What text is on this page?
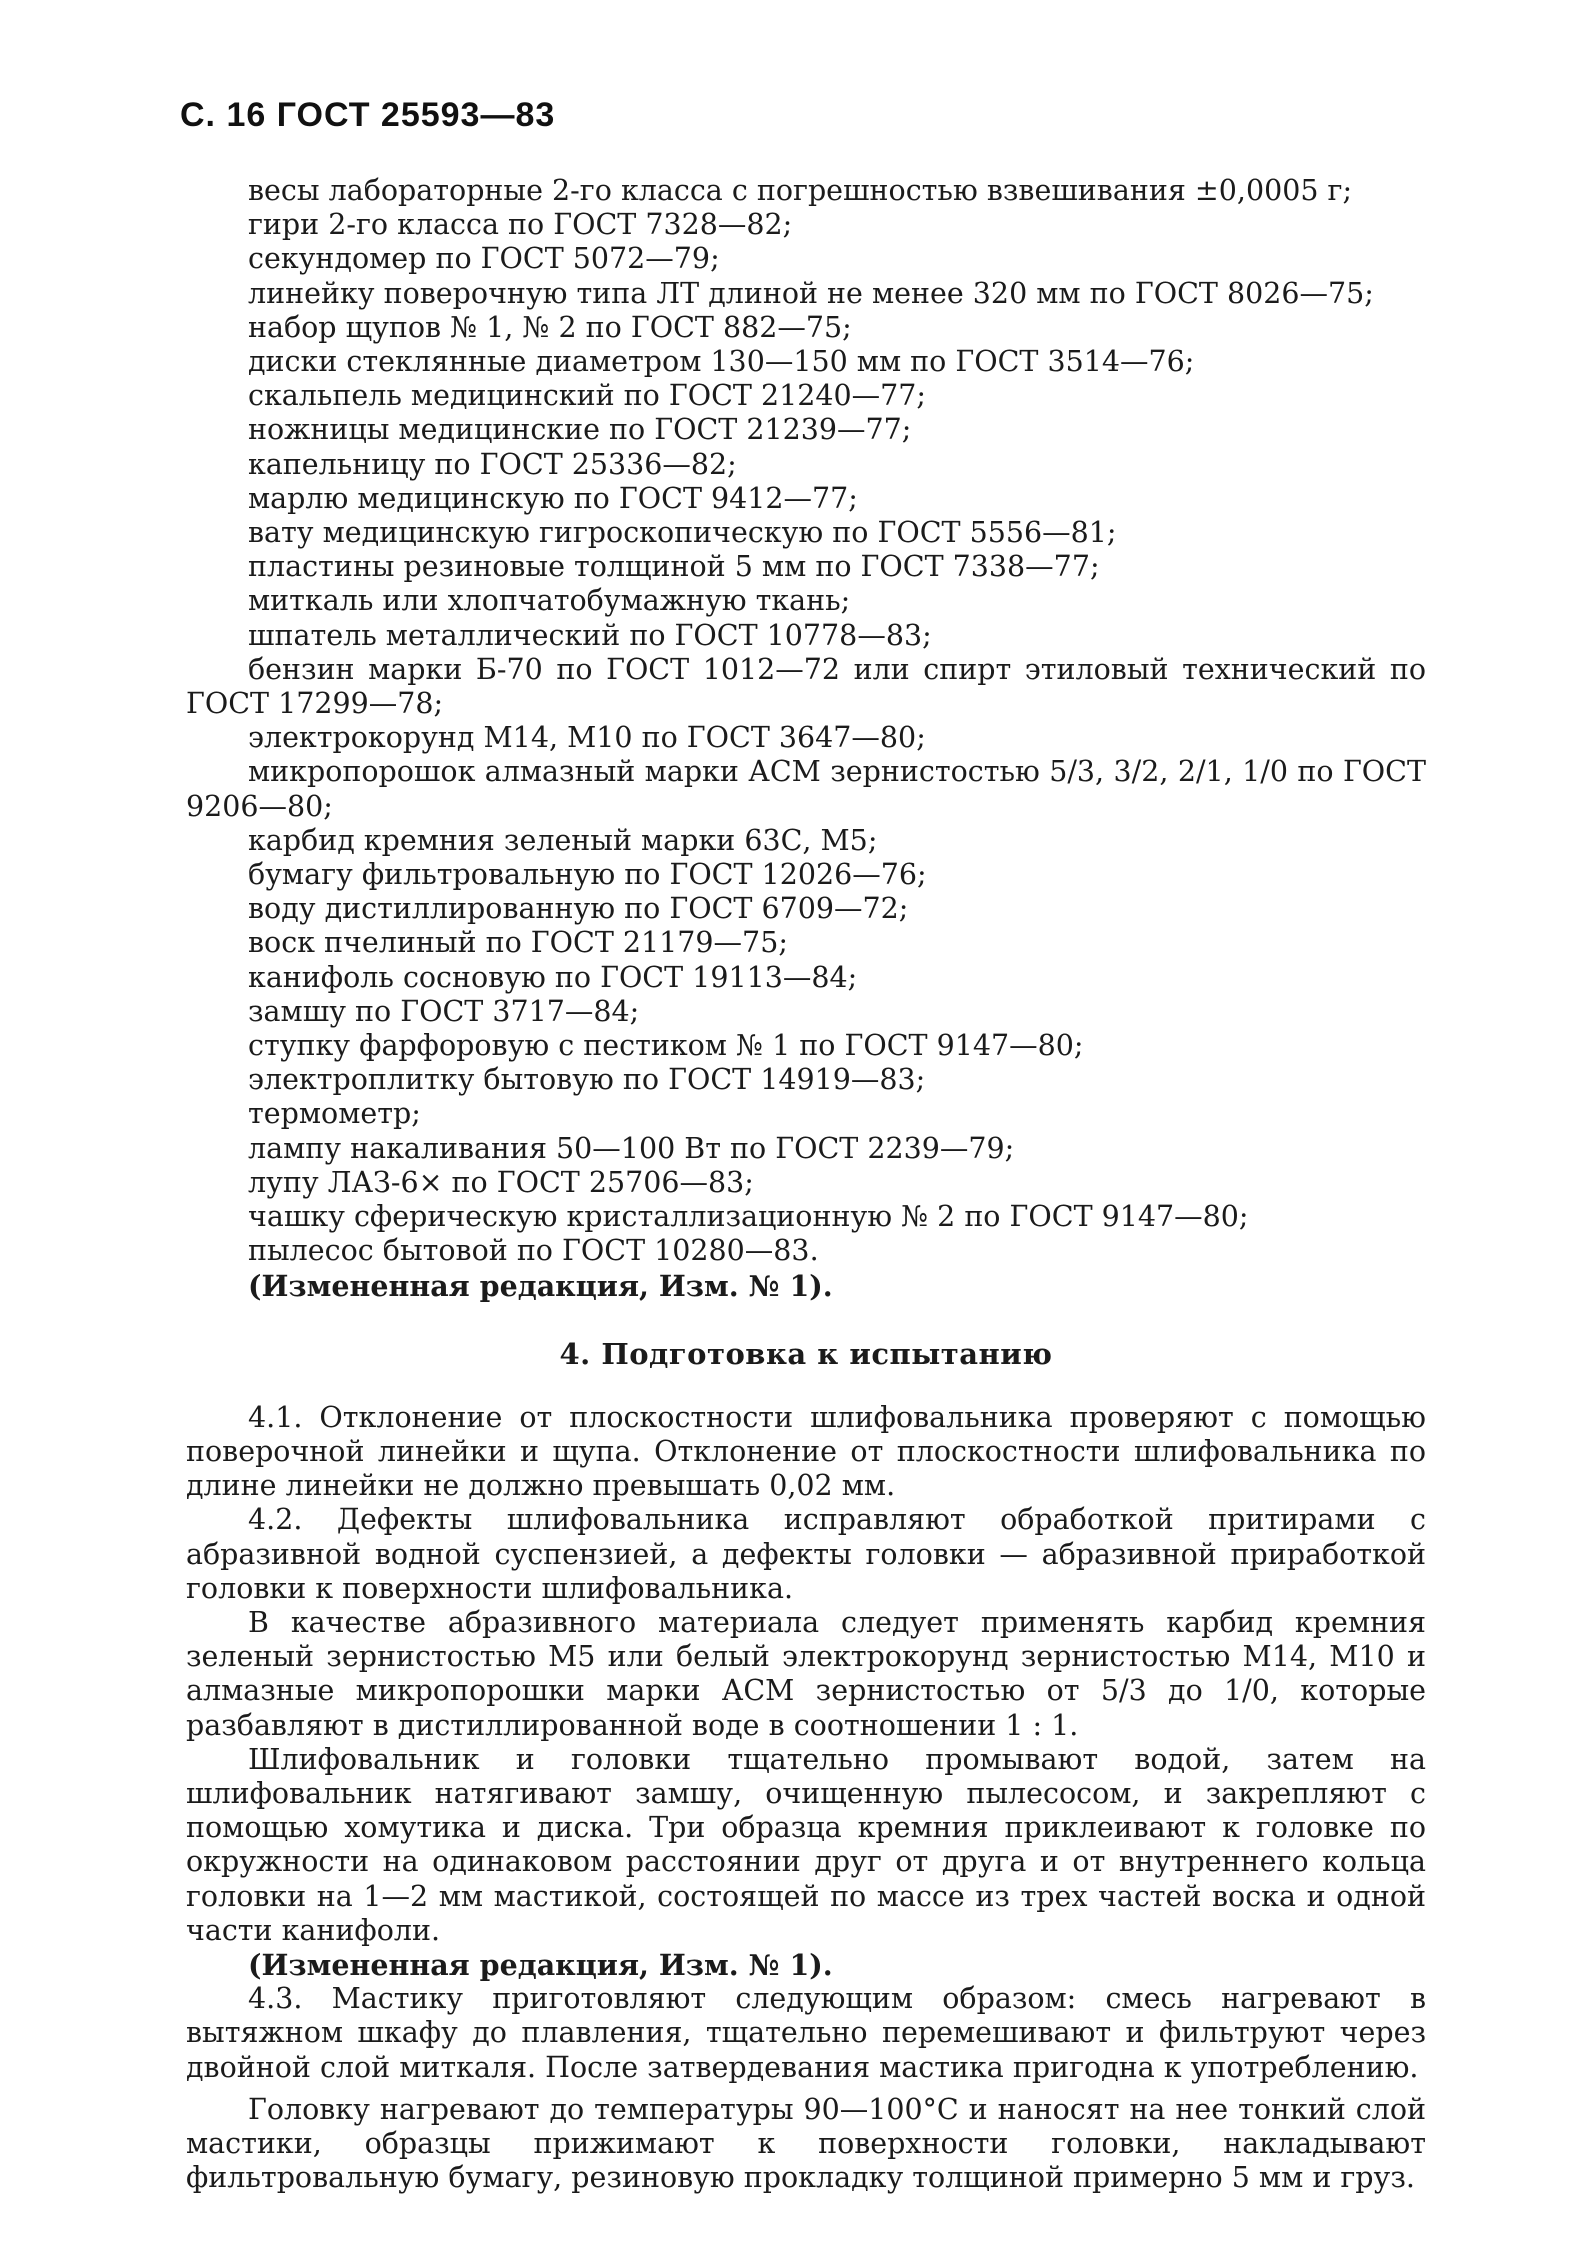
С. 16 ГОСТ 25593—83
весы лабораторные 2-го класса с погрешностью взвешивания ±0,0005 г;
гири 2-го класса по ГОСТ 7328—82;
секундомер по ГОСТ 5072—79;
линейку поверочную типа ЛТ длиной не менее 320 мм по ГОСТ 8026—75;
набор щупов № 1, № 2 по ГОСТ 882—75;
диски стеклянные диаметром 130—150 мм по ГОСТ 3514—76;
скальпель медицинский по ГОСТ 21240—77;
ножницы медицинские по ГОСТ 21239—77;
капельницу по ГОСТ 25336—82;
марлю медицинскую по ГОСТ 9412—77;
вату медицинскую гигроскопическую по ГОСТ 5556—81;
пластины резиновые толщиной 5 мм по ГОСТ 7338—77;
миткаль или хлопчатобумажную ткань;
шпатель металлический по ГОСТ 10778—83;
бензин марки Б-70 по ГОСТ 1012—72 или спирт этиловый технический по ГОСТ 17299—78;
электрокорунд М14, М10 по ГОСТ 3647—80;
микропорошок алмазный марки АСМ зернистостью 5/3, 3/2, 2/1, 1/0 по ГОСТ 9206—80;
карбид кремния зеленый марки 63С, М5;
бумагу фильтровальную по ГОСТ 12026—76;
воду дистиллированную по ГОСТ 6709—72;
воск пчелиный по ГОСТ 21179—75;
канифоль сосновую по ГОСТ 19113—84;
замшу по ГОСТ 3717—84;
ступку фарфоровую с пестиком № 1 по ГОСТ 9147—80;
электроплитку бытовую по ГОСТ 14919—83;
термометр;
лампу накаливания 50—100 Вт по ГОСТ 2239—79;
лупу ЛАЗ-6× по ГОСТ 25706—83;
чашку сферическую кристаллизационную № 2 по ГОСТ 9147—80;
пылесос бытовой по ГОСТ 10280—83.
(Измененная редакция, Изм. № 1).
4. Подготовка к испытанию

4.1. Отклонение от плоскостности шлифовальника проверяют с помощью поверочной линейки и щупа. Отклонение от плоскостности шлифовальника по длине линейки не должно превышать 0,02 мм.

4.2. Дефекты шлифовальника исправляют обработкой притирами с абразивной водной суспензией, а дефекты головки — абразивной приработкой головки к поверхности шлифовальника.

В качестве абразивного материала следует применять карбид кремния зеленый зернистостью М5 или белый электрокорунд зернистостью М14, М10 и алмазные микропорошки марки АСМ зернистостью от 5/3 до 1/0, которые разбавляют в дистиллированной воде в соотношении 1 : 1.

Шлифовальник и головки тщательно промывают водой, затем на шлифовальник натягивают замшу, очищенную пылесосом, и закрепляют с помощью хомутика и диска. Три образца кремния приклеивают к головке по окружности на одинаковом расстоянии друг от друга и от внутреннего кольца головки на 1—2 мм мастикой, состоящей по массе из трех частей воска и одной части канифоли.

(Измененная редакция, Изм. № 1).

4.3. Мастику приготовляют следующим образом: смесь нагревают в вытяжном шкафу до плавления, тщательно перемешивают и фильтруют через двойной слой миткаля. После затвердевания мастика пригодна к употреблению.

Головку нагревают до температуры 90—100°С и наносят на нее тонкий слой мастики, образцы прижимают к поверхности головки, накладывают фильтровальную бумагу, резиновую прокладку толщиной примерно 5 мм и груз.
